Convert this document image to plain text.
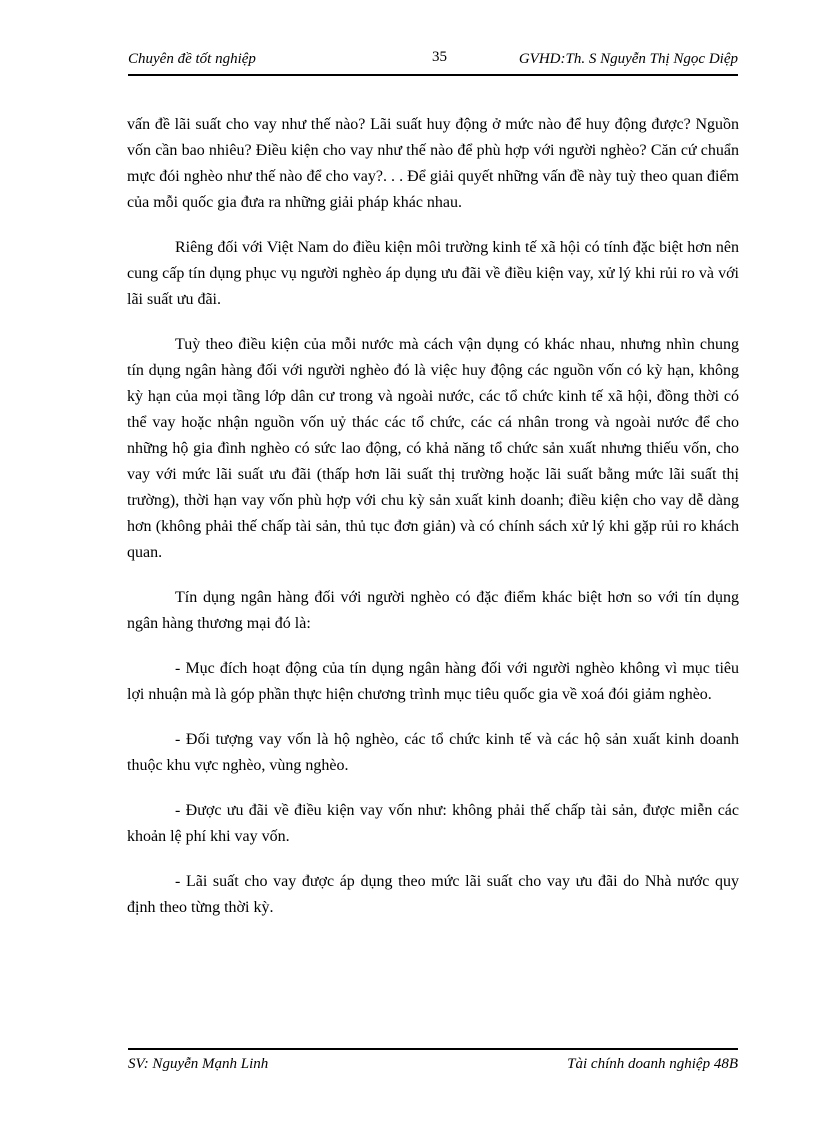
Chuyên đề tốt nghiệp	35	GVHD:Th. S Nguyễn Thị Ngọc Diệp

vấn đề lãi suất cho vay như thế nào? Lãi suất huy động ở mức nào để huy động được? Nguồn vốn cần bao nhiêu? Điều kiện cho vay như thế nào để phù hợp với người nghèo? Căn cứ chuẩn mực đói nghèo như thế nào để cho vay?. . . Để giải quyết những vấn đề này tuỳ theo quan điểm của mỗi quốc gia đưa ra những giải pháp khác nhau.

Riêng đối với Việt Nam do điều kiện môi trường kinh tế xã hội có tính đặc biệt hơn nên cung cấp tín dụng phục vụ người nghèo áp dụng ưu đãi về điều kiện vay, xử lý khi rủi ro và với lãi suất ưu đãi.

Tuỳ theo điều kiện của mỗi nước mà cách vận dụng có khác nhau, nhưng nhìn chung tín dụng ngân hàng đối với người nghèo đó là việc huy động các nguồn vốn có kỳ hạn, không kỳ hạn của mọi tầng lớp dân cư trong và ngoài nước, các tổ chức kinh tế xã hội, đồng thời có thể vay hoặc nhận nguồn vốn uỷ thác các tổ chức, các cá nhân trong và ngoài nước để cho những hộ gia đình nghèo có sức lao động, có khả năng tổ chức sản xuất nhưng thiếu vốn, cho vay với mức lãi suất ưu đãi (thấp hơn lãi suất thị trường hoặc lãi suất bằng mức lãi suất thị trường), thời hạn vay vốn phù hợp với chu kỳ sản xuất kinh doanh; điều kiện cho vay dễ dàng hơn (không phải thế chấp tài sản, thủ tục đơn giản) và có chính sách xử lý khi gặp rủi ro khách quan.

Tín dụng ngân hàng đối với người nghèo có đặc điểm khác biệt hơn so với tín dụng ngân hàng thương mại đó là:

- Mục đích hoạt động của tín dụng ngân hàng đối với người nghèo không vì mục tiêu lợi nhuận mà là góp phần thực hiện chương trình mục tiêu quốc gia về xoá đói giảm nghèo.

- Đối tượng vay vốn là hộ nghèo, các tổ chức kinh tế và các hộ sản xuất kinh doanh thuộc khu vực nghèo, vùng nghèo.

- Được ưu đãi về điều kiện vay vốn như: không phải thế chấp tài sản, được miễn các khoản lệ phí khi vay vốn.

- Lãi suất cho vay được áp dụng theo mức lãi suất cho vay ưu đãi do Nhà nước quy định theo từng thời kỳ.

SV: Nguyễn Mạnh Linh	Tài chính doanh nghiệp 48B
